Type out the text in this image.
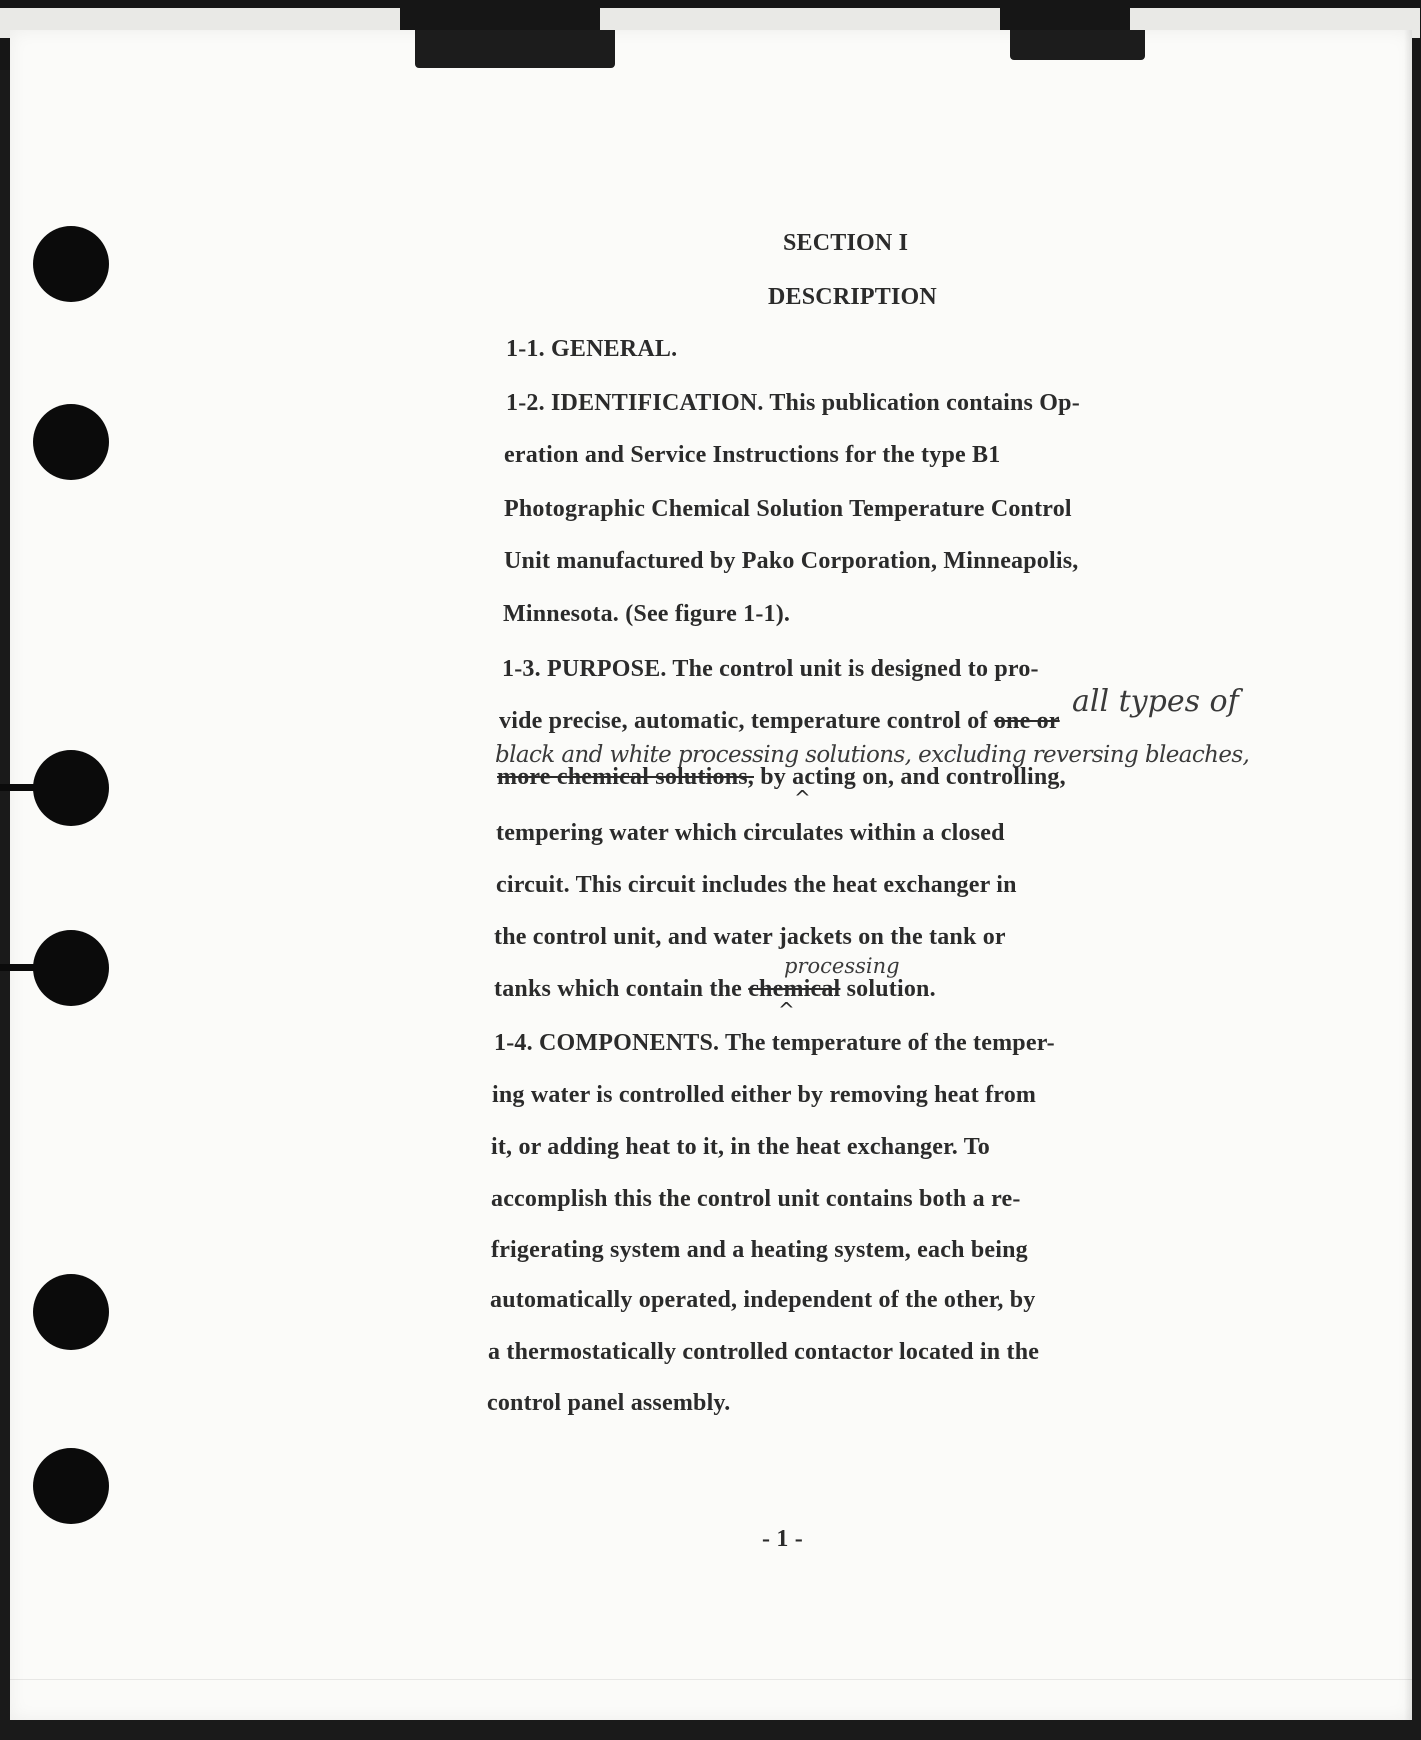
SECTION I
DESCRIPTION
1-1. GENERAL.
1-2. IDENTIFICATION. This publication contains Op-
eration and Service Instructions for the type B1
Photographic Chemical Solution Temperature Control
Unit manufactured by Pako Corporation, Minneapolis,
Minnesota. (See figure 1-1).
1-3. PURPOSE. The control unit is designed to pro-
vide precise, automatic, temperature control of one or
all types of
black and white processing solutions, excluding reversing bleaches,
more chemical solutions, by acting on, and controlling,
^
tempering water which circulates within a closed
circuit. This circuit includes the heat exchanger in
the control unit, and water jackets on the tank or
processing
tanks which contain the chemical solution.
^
1-4. COMPONENTS. The temperature of the temper-
ing water is controlled either by removing heat from
it, or adding heat to it, in the heat exchanger. To
accomplish this the control unit contains both a re-
frigerating system and a heating system, each being
automatically operated, independent of the other, by
a thermostatically controlled contactor located in the
control panel assembly.
- 1 -
